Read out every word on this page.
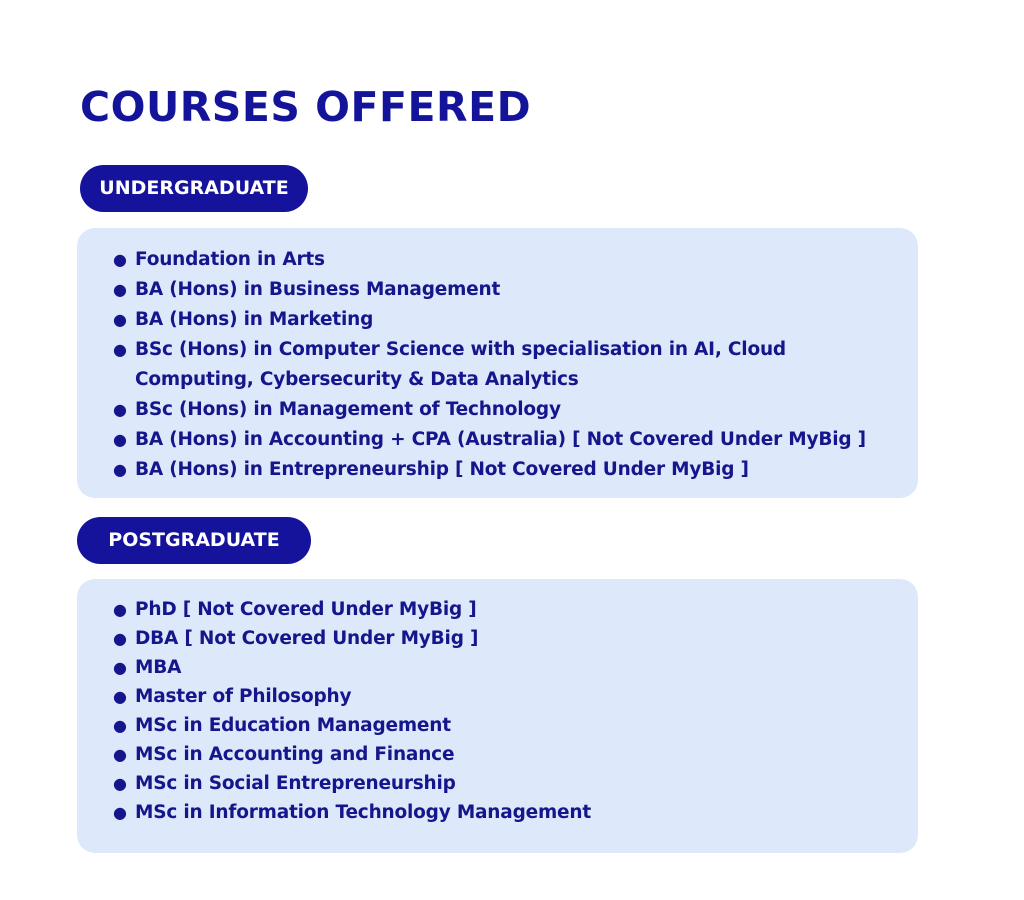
COURSES OFFERED
UNDERGRADUATE
● Foundation in Arts
● BA (Hons) in Business Management
● BA (Hons) in Marketing
● BSc (Hons) in Computer Science with specialisation in AI, Cloud Computing, Cybersecurity & Data Analytics
● BSc (Hons) in Management of Technology
● BA (Hons) in Accounting + CPA (Australia) [ Not Covered Under MyBig ]
● BA (Hons) in Entrepreneurship [ Not Covered Under MyBig ]
POSTGRADUATE
● PhD [ Not Covered Under MyBig ]
● DBA [ Not Covered Under MyBig ]
● MBA
● Master of Philosophy
● MSc in Education Management
● MSc in Accounting and Finance
● MSc in Social Entrepreneurship
● MSc in Information Technology Management
